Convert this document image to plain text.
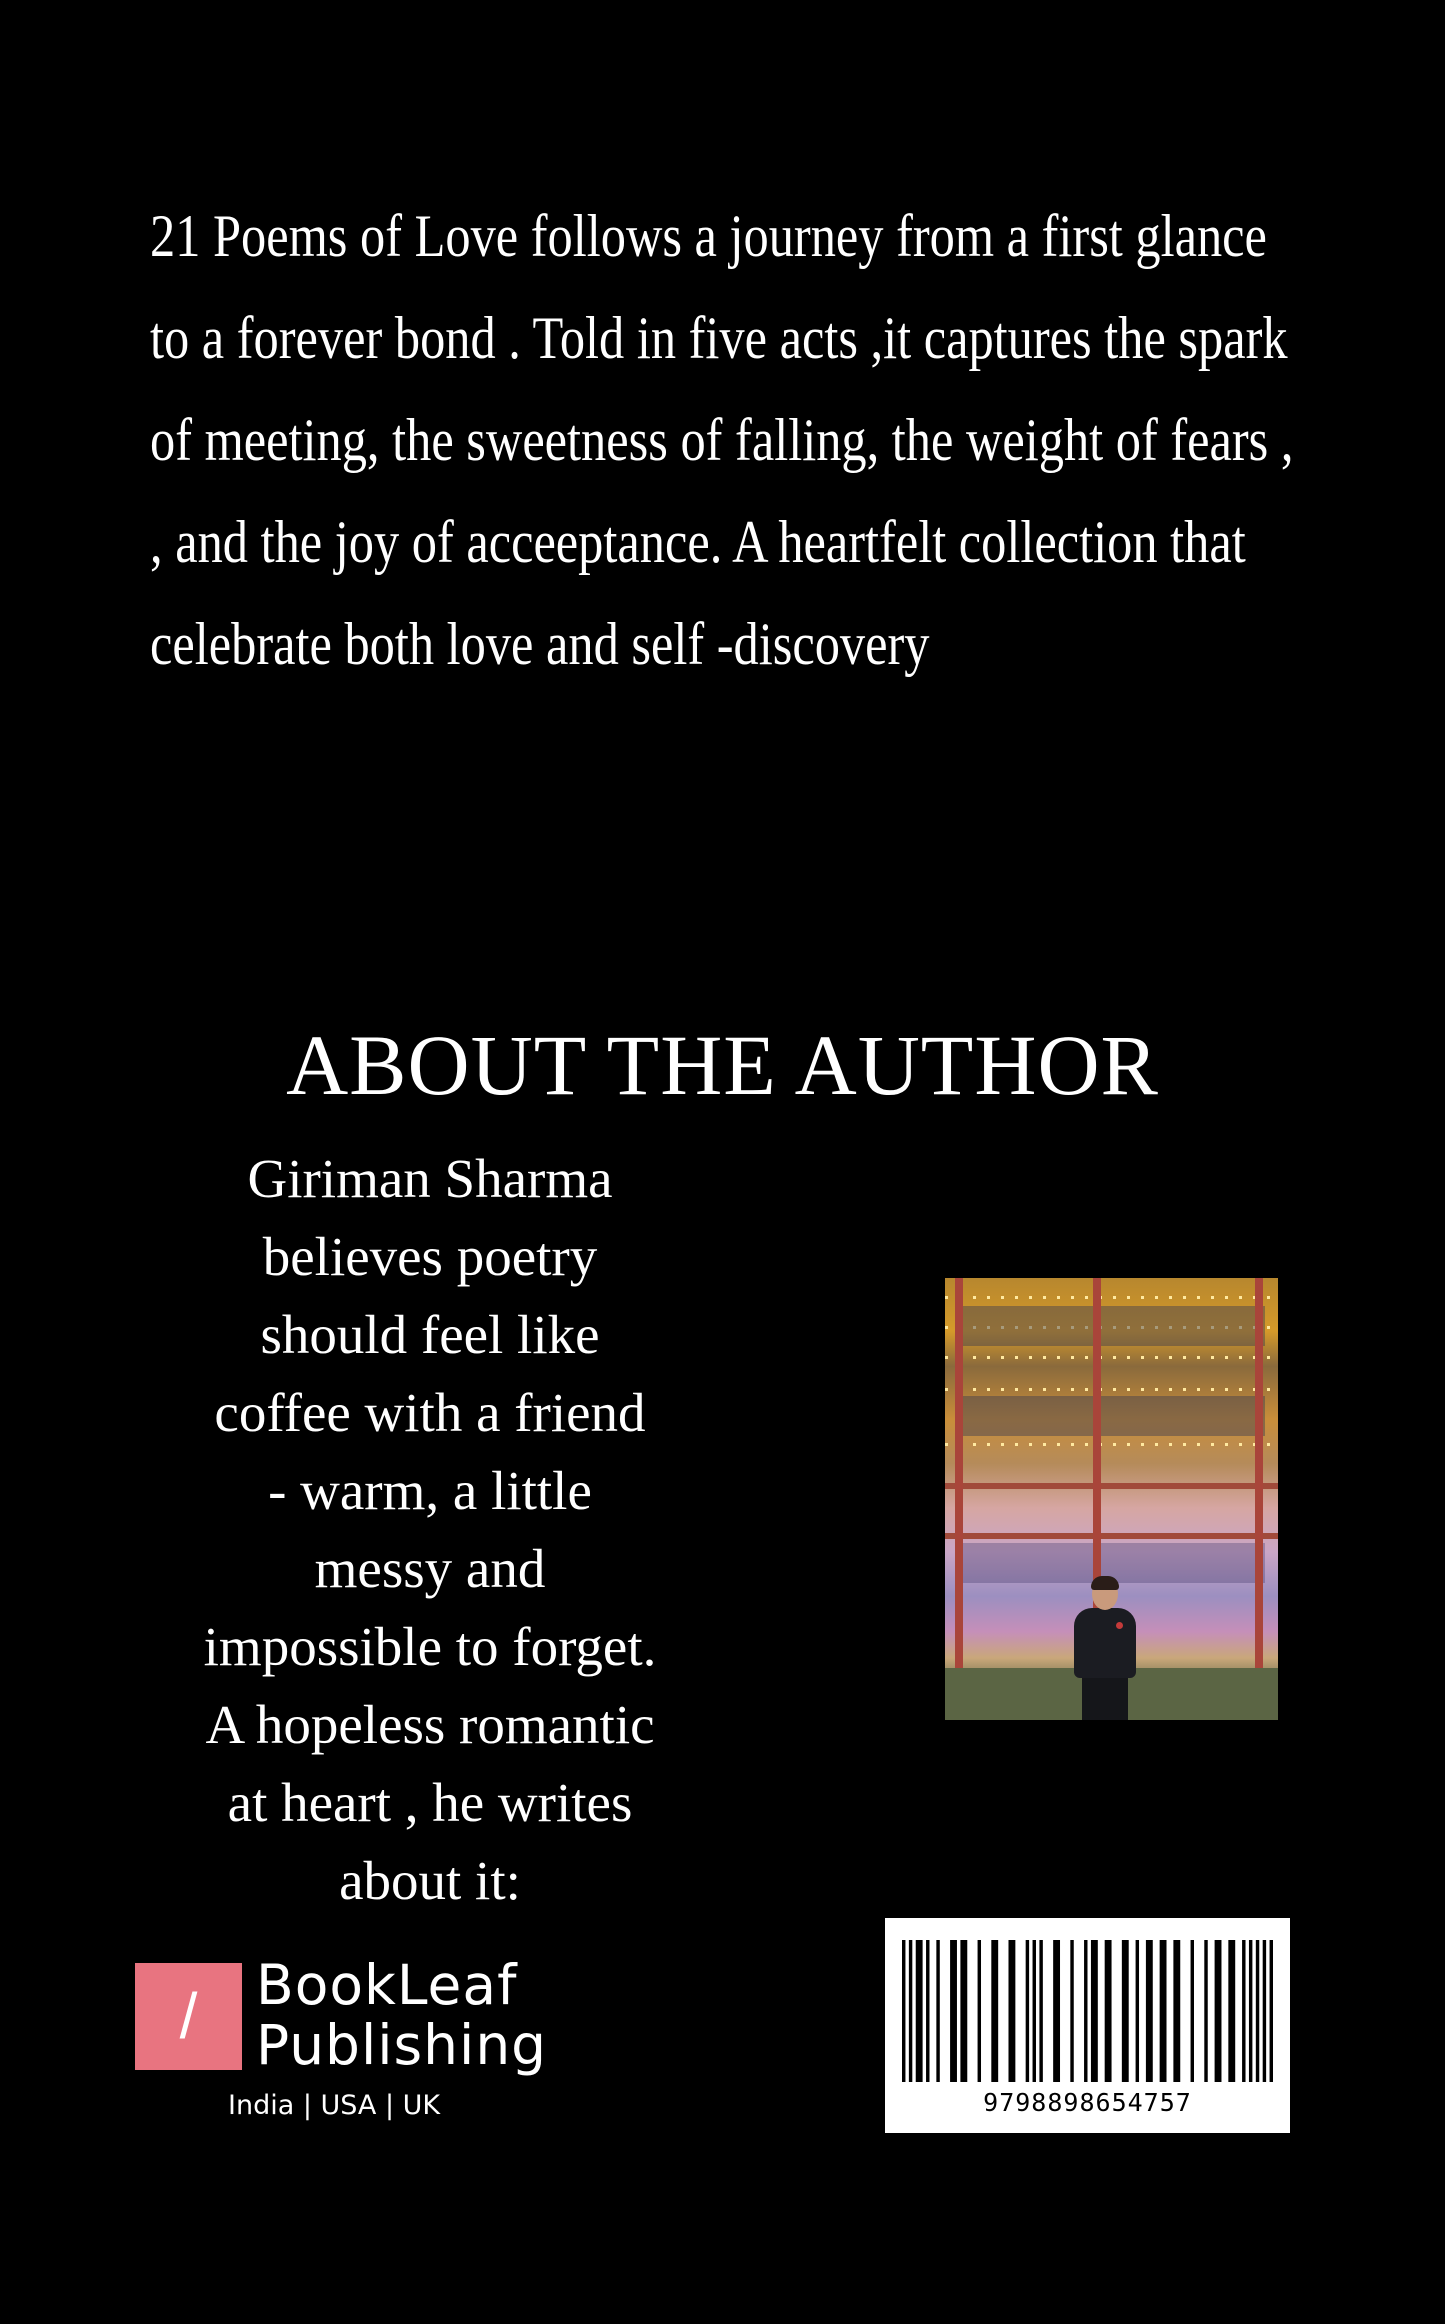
21 Poems of Love follows a journey from a first glance
to a forever bond . Told in five acts ,it captures the spark
of meeting, the sweetness of falling, the weight of fears ,
, and the joy of acceeptance. A heartfelt collection that
celebrate both love and self -discovery
ABOUT THE AUTHOR
Giriman Sharma
believes poetry
should feel like
coffee with a friend
- warm, a little
messy and
impossible to forget.
A hopeless romantic
at heart , he writes
about it:
/	BookLeaf
Publishing
India | USA | UK	9798898654757
